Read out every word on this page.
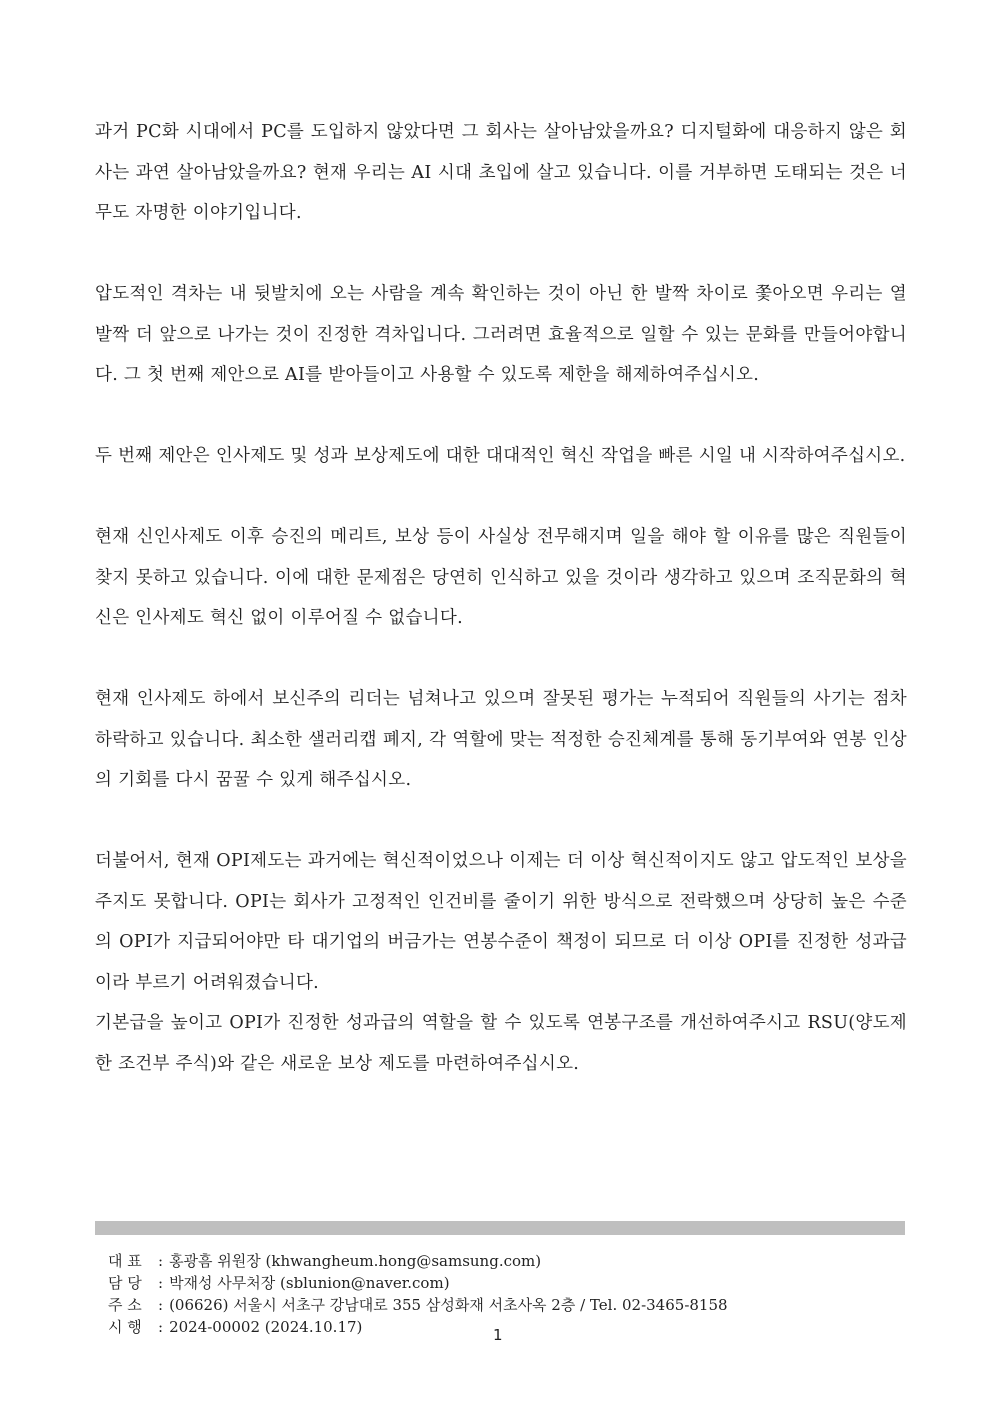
과거 PC화 시대에서 PC를 도입하지 않았다면 그 회사는 살아남았을까요? 디지털화에 대응하지 않은 회사는 과연 살아남았을까요? 현재 우리는 AI 시대 초입에 살고 있습니다. 이를 거부하면 도태되는 것은 너무도 자명한 이야기입니다.

압도적인 격차는 내 뒷발치에 오는 사람을 계속 확인하는 것이 아닌 한 발짝 차이로 쫓아오면 우리는 열 발짝 더 앞으로 나가는 것이 진정한 격차입니다. 그러려면 효율적으로 일할 수 있는 문화를 만들어야합니다. 그 첫 번째 제안으로 AI를 받아들이고 사용할 수 있도록 제한을 해제하여주십시오.

두 번째 제안은 인사제도 및 성과 보상제도에 대한 대대적인 혁신 작업을 빠른 시일 내 시작하여주십시오.

현재 신인사제도 이후 승진의 메리트, 보상 등이 사실상 전무해지며 일을 해야 할 이유를 많은 직원들이 찾지 못하고 있습니다. 이에 대한 문제점은 당연히 인식하고 있을 것이라 생각하고 있으며 조직문화의 혁신은 인사제도 혁신 없이 이루어질 수 없습니다.

현재 인사제도 하에서 보신주의 리더는 넘쳐나고 있으며 잘못된 평가는 누적되어 직원들의 사기는 점차 하락하고 있습니다. 최소한 샐러리캡 폐지, 각 역할에 맞는 적정한 승진체계를 통해 동기부여와 연봉 인상의 기회를 다시 꿈꿀 수 있게 해주십시오.

더불어서, 현재 OPI제도는 과거에는 혁신적이었으나 이제는 더 이상 혁신적이지도 않고 압도적인 보상을 주지도 못합니다. OPI는 회사가 고정적인 인건비를 줄이기 위한 방식으로 전락했으며 상당히 높은 수준의 OPI가 지급되어야만 타 대기업의 버금가는 연봉수준이 책정이 되므로 더 이상 OPI를 진정한 성과급이라 부르기 어려워졌습니다.

기본급을 높이고 OPI가 진정한 성과급의 역할을 할 수 있도록 연봉구조를 개선하여주시고 RSU(양도제한 조건부 주식)와 같은 새로운 보상 제도를 마련하여주십시오.

대 표 : 홍광흠 위원장 (khwangheum.hong@samsung.com)
담 당 : 박재성 사무처장 (sblunion@naver.com)
주 소 : (06626) 서울시 서초구 강남대로 355 삼성화재 서초사옥 2층 / Tel. 02-3465-8158
시 행 : 2024-00002 (2024.10.17)	1
